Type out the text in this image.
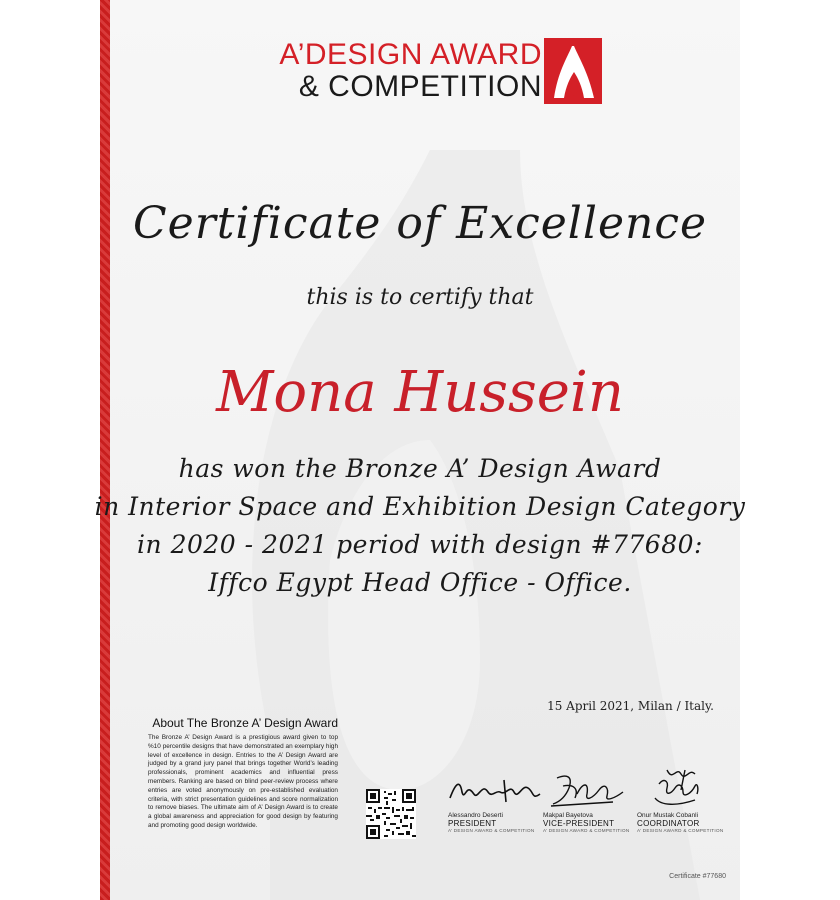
A’DESIGN AWARD
& COMPETITION
Certificate of Excellence
this is to certify that
Mona Hussein
has won the Bronze A’ Design Award
in Interior Space and Exhibition Design Category
in 2020 - 2021 period with design #77680:
Iffco Egypt Head Office - Office.
15 April 2021, Milan / Italy.
About The Bronze A’ Design Award
The Bronze A’ Design Award is a prestigious award given to top %10 percentile designs that have demonstrated an exemplary high level of excellence in design. Entries to the A’ Design Award are judged by a grand jury panel that brings together World’s leading professionals, prominent academics and influential press members. Ranking are based on blind peer-review process where entries are voted anonymously on pre-established evaluation criteria, with strict presentation guidelines and score normalization to remove biases. The ultimate aim of A’ Design Award is to create a global awareness and appreciation for good design by featuring and promoting good design worldwide.
Alessandro Deserti
PRESIDENT
A’ DESIGN AWARD & COMPETITION
Makpal Bayetova
VICE-PRESIDENT
A’ DESIGN AWARD & COMPETITION
Onur Mustak Cobanli
COORDINATOR
A’ DESIGN AWARD & COMPETITION
Certificate #77680
